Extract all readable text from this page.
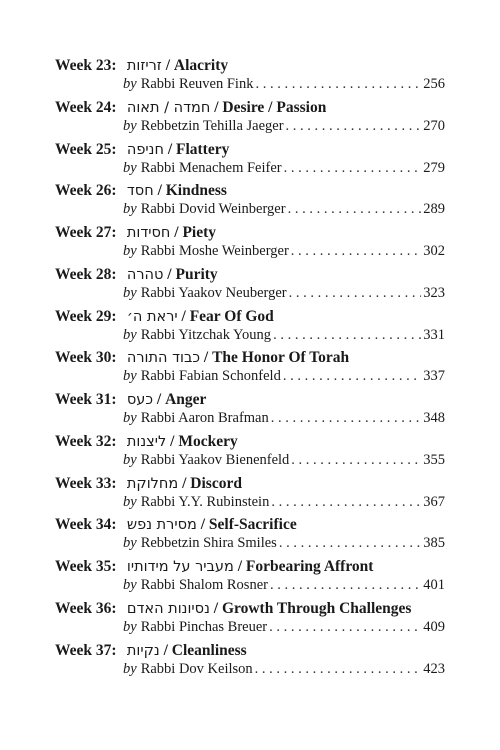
Week 23: זריזות / Alacrity
by Rabbi Reuven Fink . . .	256
Week 24: חמדה / תאוה / Desire / Passion
by Rebbetzin Tehilla Jaeger . . .	270
Week 25: חניפה / Flattery
by Rabbi Menachem Feifer . . .	279
Week 26: חסד / Kindness
by Rabbi Dovid Weinberger . . .	289
Week 27: חסידות / Piety
by Rabbi Moshe Weinberger . . .	302
Week 28: טהרה / Purity
by Rabbi Yaakov Neuberger . . .	323
Week 29: יראת ה׳ / Fear Of God
by Rabbi Yitzchak Young . . .	331
Week 30: כבוד התורה / The Honor Of Torah
by Rabbi Fabian Schonfeld . . .	337
Week 31: כעס / Anger
by Rabbi Aaron Brafman . . .	348
Week 32: ליצנות / Mockery
by Rabbi Yaakov Bienenfeld . . .	355
Week 33: מחלוקת / Discord
by Rabbi Y.Y. Rubinstein . . .	367
Week 34: מסירת נפש / Self-Sacrifice
by Rebbetzin Shira Smiles . . .	385
Week 35: מעביר על מידותיו / Forbearing Affront
by Rabbi Shalom Rosner . . .	401
Week 36: נסיונות האדם / Growth Through Challenges
by Rabbi Pinchas Breuer . . .	409
Week 37: נקיות / Cleanliness
by Rabbi Dov Keilson . . .	423
